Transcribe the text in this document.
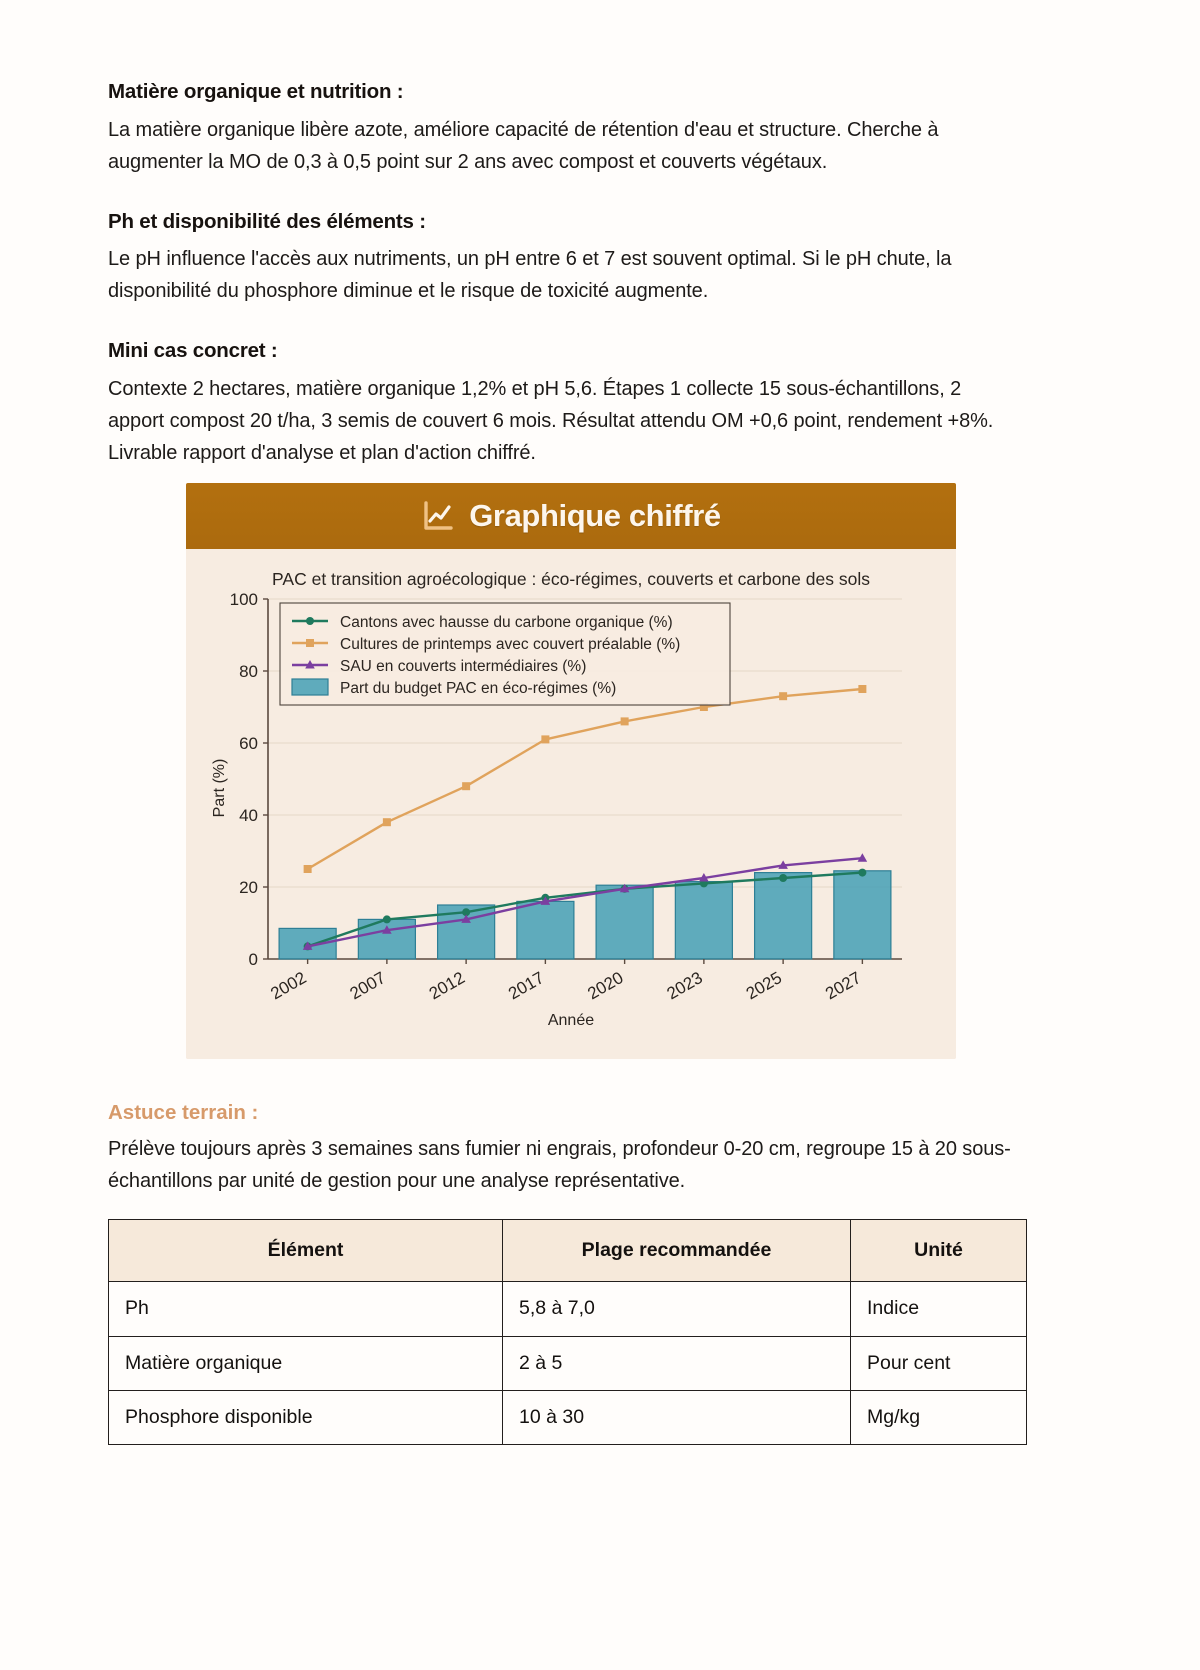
Matière organique et nutrition :

La matière organique libère azote, améliore capacité de rétention d'eau et structure. Cherche à augmenter la MO de 0,3 à 0,5 point sur 2 ans avec compost et couverts végétaux.

Ph et disponibilité des éléments :

Le pH influence l'accès aux nutriments, un pH entre 6 et 7 est souvent optimal. Si le pH chute, la disponibilité du phosphore diminue et le risque de toxicité augmente.

Mini cas concret :

Contexte 2 hectares, matière organique 1,2% et pH 5,6. Étapes 1 collecte 15 sous-échantillons, 2 apport compost 20 t/ha, 3 semis de couvert 6 mois. Résultat attendu OM +0,6 point, rendement +8%. Livrable rapport d'analyse et plan d'action chiffré.

Graphique chiffré
PAC et transition agroécologique : éco-régimes, couverts et carbone des sols
Part (%)
Année
0
20
40
60
80
100
2002 2007 2012 2017 2020 2023 2025 2027
Cantons avec hausse du carbone organique (%)
Cultures de printemps avec couvert préalable (%)
SAU en couverts intermédiaires (%)
Part du budget PAC en éco-régimes (%)

Astuce terrain :

Prélève toujours après 3 semaines sans fumier ni engrais, profondeur 0-20 cm, regroupe 15 à 20 sous-échantillons par unité de gestion pour une analyse représentative.

Élément	Plage recommandée	Unité
Ph	5,8 à 7,0	Indice
Matière organique	2 à 5	Pour cent
Phosphore disponible	10 à 30	Mg/kg
